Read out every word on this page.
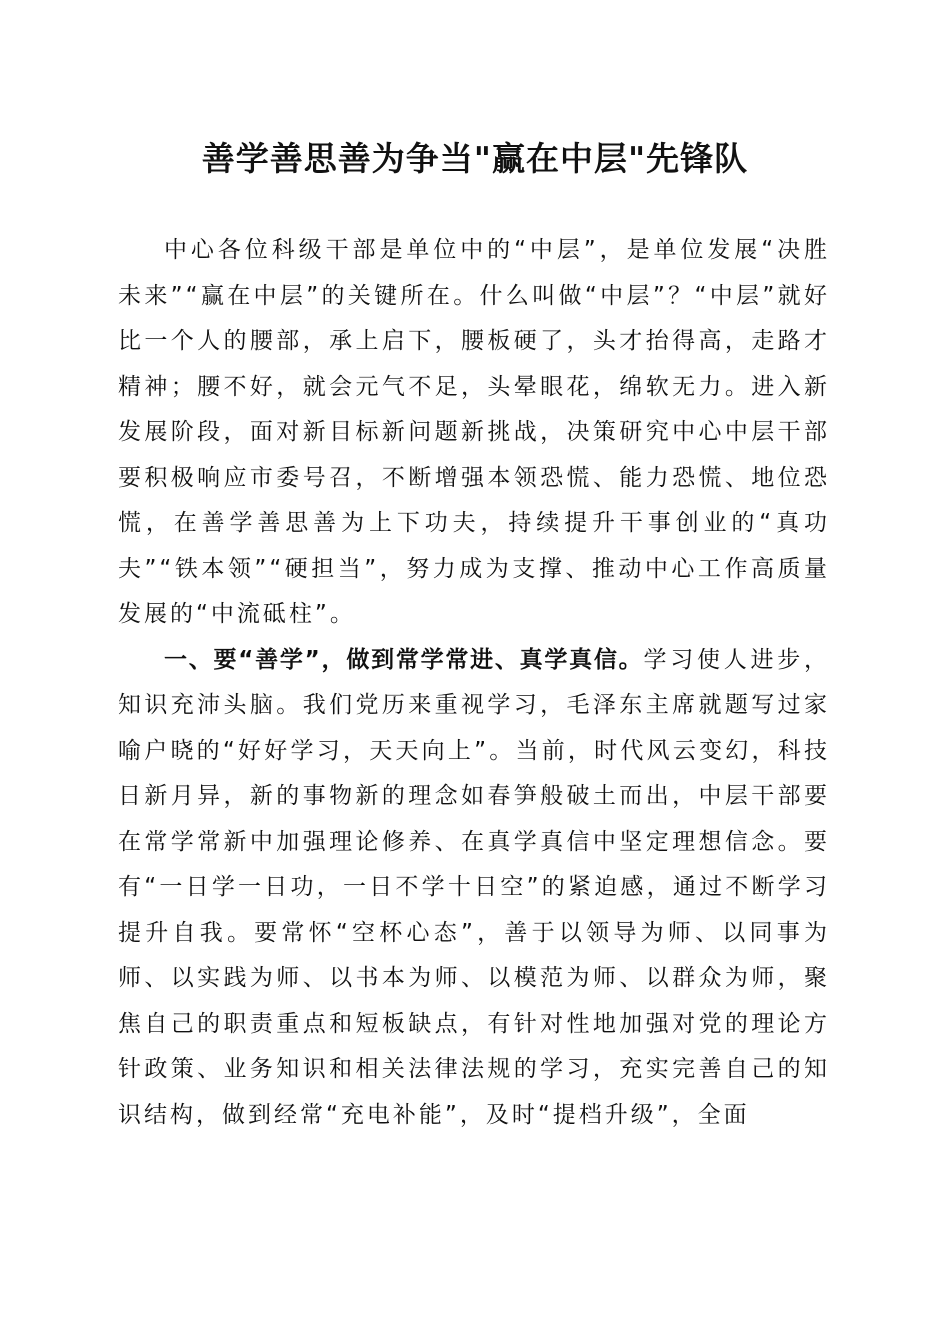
善学善思善为争当"赢在中层"先锋队

中心各位科级干部是单位中的“中层”，是单位发展“决胜未来”“赢在中层”的关键所在。什么叫做“中层”？“中层”就好比一个人的腰部，承上启下，腰板硬了，头才抬得高，走路才精神；腰不好，就会元气不足，头晕眼花，绵软无力。进入新发展阶段，面对新目标新问题新挑战，决策研究中心中层干部要积极响应市委号召，不断增强本领恐慌、能力恐慌、地位恐慌，在善学善思善为上下功夫，持续提升干事创业的“真功夫”“铁本领”“硬担当”，努力成为支撑、推动中心工作高质量发展的“中流砥柱”。

一、要“善学”，做到常学常进、真学真信。学习使人进步，知识充沛头脑。我们党历来重视学习，毛泽东主席就题写过家喻户晓的“好好学习，天天向上”。当前，时代风云变幻，科技日新月异，新的事物新的理念如春笋般破土而出，中层干部要在常学常新中加强理论修养、在真学真信中坚定理想信念。要有“一日学一日功，一日不学十日空”的紧迫感，通过不断学习提升自我。要常怀“空杯心态”，善于以领导为师、以同事为师、以实践为师、以书本为师、以模范为师、以群众为师，聚焦自己的职责重点和短板缺点，有针对性地加强对党的理论方针政策、业务知识和相关法律法规的学习，充实完善自己的知识结构，做到经常“充电补能”，及时“提档升级”，全面
